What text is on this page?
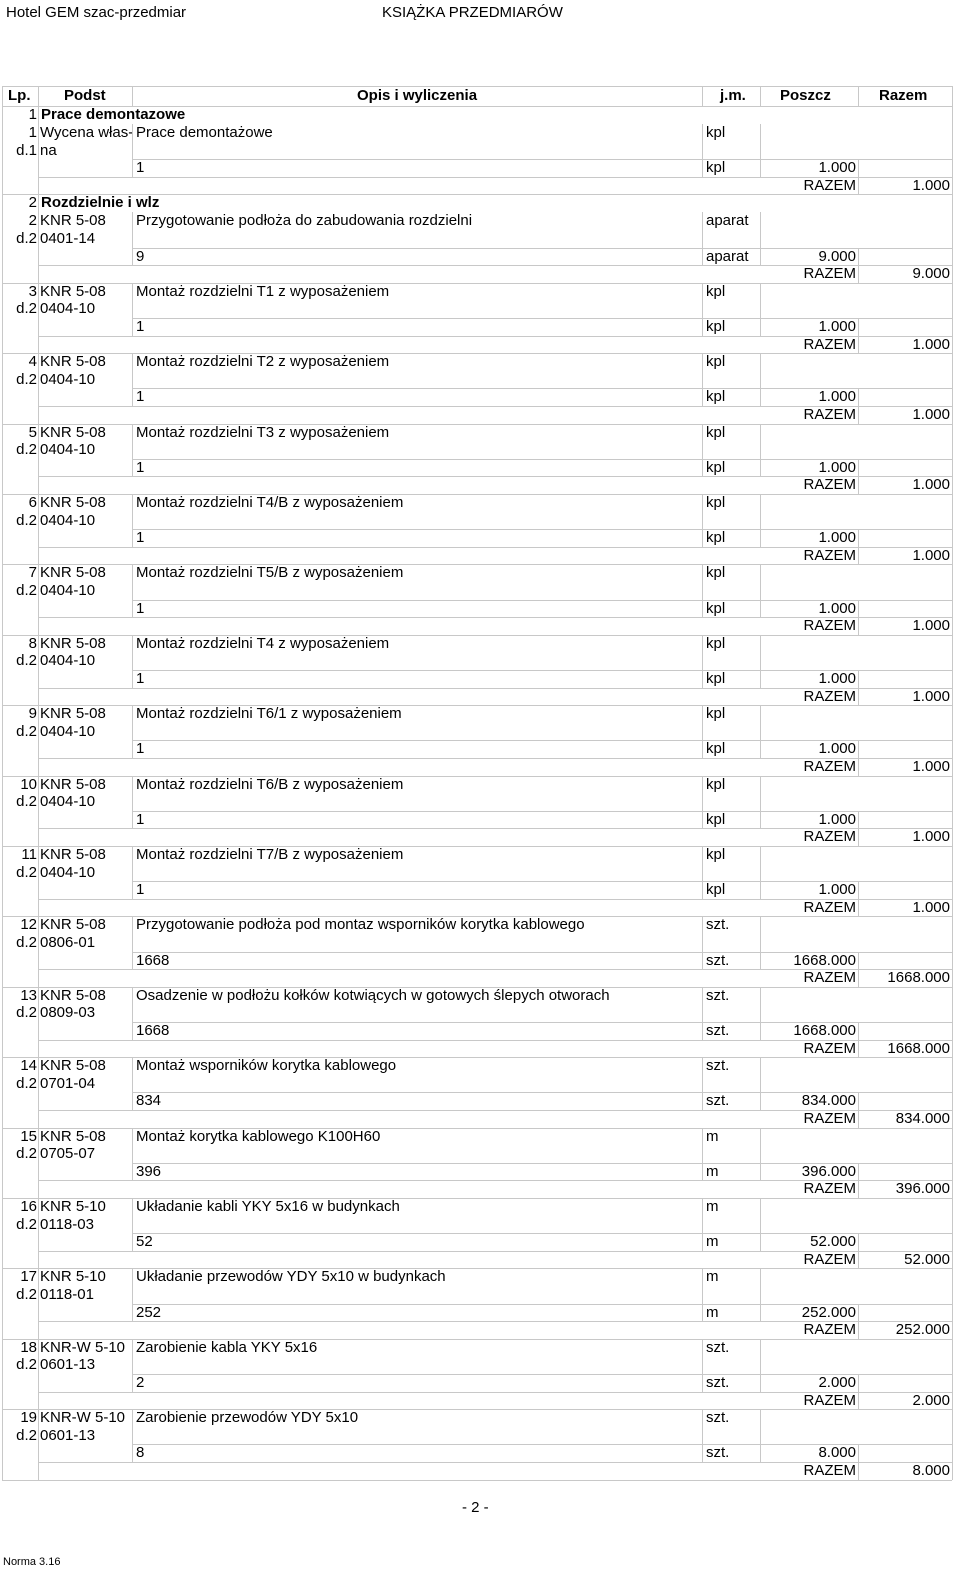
Hotel GEM szac-przedmiar	KSIĄŻKA PRZEDMIARÓW
Lp. Podst	Opis i wyliczenia	j.m. Poszcz	Razem
1 Prace demontazowe
1 Wycena włas- Prace demontażowe	kpl
d.1 na
1	kpl	1.000
RAZEM	1.000
2 Rozdzielnie i wlz
2 KNR 5-08 Przygotowanie podłoża do zabudowania rozdzielni	aparat
d.2 0401-14
9	aparat	9.000
RAZEM	9.000
3 KNR 5-08 Montaż rozdzielni T1 z wyposażeniem	kpl
d.2 0404-10
1	kpl	1.000
RAZEM	1.000
4 KNR 5-08 Montaż rozdzielni T2 z wyposażeniem	kpl
d.2 0404-10
1	kpl	1.000
RAZEM	1.000
5 KNR 5-08 Montaż rozdzielni T3 z wyposażeniem	kpl
d.2 0404-10
1	kpl	1.000
RAZEM	1.000
6 KNR 5-08 Montaż rozdzielni T4/B z wyposażeniem	kpl
d.2 0404-10
1	kpl	1.000
RAZEM	1.000
7 KNR 5-08 Montaż rozdzielni T5/B z wyposażeniem	kpl
d.2 0404-10
1	kpl	1.000
RAZEM	1.000
8 KNR 5-08 Montaż rozdzielni T4 z wyposażeniem	kpl
d.2 0404-10
1	kpl	1.000
RAZEM	1.000
9 KNR 5-08 Montaż rozdzielni T6/1 z wyposażeniem	kpl
d.2 0404-10
1	kpl	1.000
RAZEM	1.000
10 KNR 5-08 Montaż rozdzielni T6/B z wyposażeniem	kpl
d.2 0404-10
1	kpl	1.000
RAZEM	1.000
11 KNR 5-08 Montaż rozdzielni T7/B z wyposażeniem	kpl
d.2 0404-10
1	kpl	1.000
RAZEM	1.000
12 KNR 5-08 Przygotowanie podłoża pod montaz wsporników korytka kablowego	szt.
d.2 0806-01
1668	szt.	1668.000
RAZEM	1668.000
13 KNR 5-08 Osadzenie w podłożu kołków kotwiących w gotowych ślepych otworach	szt.
d.2 0809-03
1668	szt.	1668.000
RAZEM	1668.000
14 KNR 5-08 Montaż wsporników korytka kablowego	szt.
d.2 0701-04
834	szt.	834.000
RAZEM	834.000
15 KNR 5-08 Montaż korytka kablowego K100H60	m
d.2 0705-07
396	m	396.000
RAZEM	396.000
16 KNR 5-10 Układanie kabli YKY 5x16 w budynkach	m
d.2 0118-03
52	m	52.000
RAZEM	52.000
17 KNR 5-10 Układanie przewodów YDY 5x10 w budynkach	m
d.2 0118-01
252	m	252.000
RAZEM	252.000
18 KNR-W 5-10 Zarobienie kabla YKY 5x16	szt.
d.2 0601-13
2	szt.	2.000
RAZEM	2.000
19 KNR-W 5-10 Zarobienie przewodów YDY 5x10	szt.
d.2 0601-13
8	szt.	8.000
RAZEM	8.000
- 2 -
Norma 3.16
